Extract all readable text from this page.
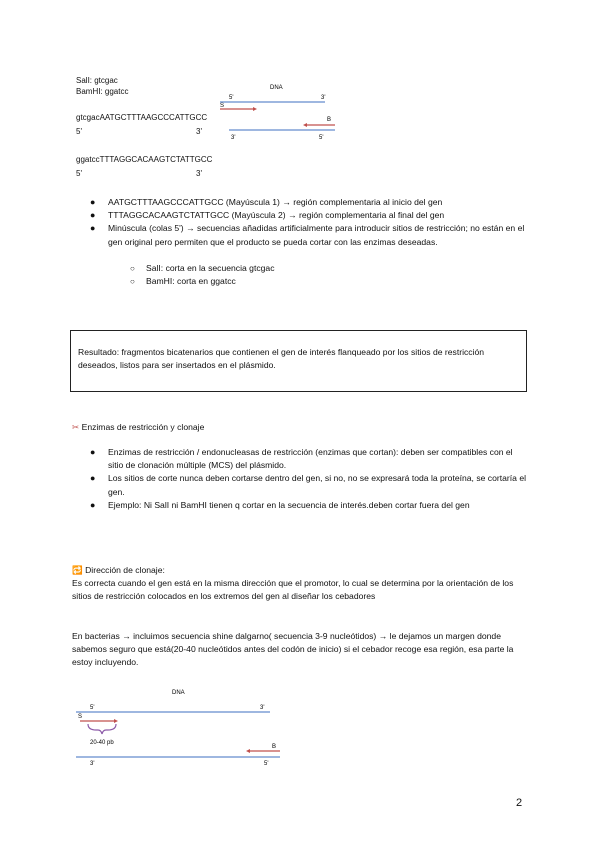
SalI: gtcgac
BamHI: ggatcc
gtcgacAATGCTTTAAGCCCATTGCC
5'	3'
ggatccTTTAGGCACAAGTCTATTGCC
5'	3'
DNA
5'	3'
S
B
3'	5'
● AATGCTTTAAGCCCATTGCC (Mayúscula 1) → región complementaria al inicio del gen
● TTTAGGCACAAGTCTATTGCC (Mayúscula 2) → región complementaria al final del gen
● Minúscula (colas 5') → secuencias añadidas artificialmente para introducir sitios de restricción; no están en el gen original pero permiten que el producto se pueda cortar con las enzimas deseadas.
○ SalI: corta en la secuencia gtcgac
○ BamHI: corta en ggatcc
Resultado: fragmentos bicatenarios que contienen el gen de interés flanqueado por los sitios de restricción deseados, listos para ser insertados en el plásmido.
✂ Enzimas de restricción y clonaje
● Enzimas de restricción / endonucleasas de restricción (enzimas que cortan): deben ser compatibles con el sitio de clonación múltiple (MCS) del plásmido.
● Los sitios de corte nunca deben cortarse dentro del gen, si no, no se expresará toda la proteína, se cortaría el gen.
● Ejemplo: Ni SalI ni BamHI tienen q cortar en la secuencia de interés.deben cortar fuera del gen
🔁 Dirección de clonaje:
Es correcta cuando el gen está en la misma dirección que el promotor, lo cual se determina por la orientación de los sitios de restricción colocados en los extremos del gen al diseñar los cebadores
En bacterias → incluimos secuencia shine dalgarno( secuencia 3-9 nucleótidos) → le dejamos un margen donde sabemos seguro que está(20-40 nucleótidos antes del codón de inicio) si el cebador recoge esa región, esa parte la estoy incluyendo.
DNA
5'	3'
S
20-40 pb
B
3'	5'
2
